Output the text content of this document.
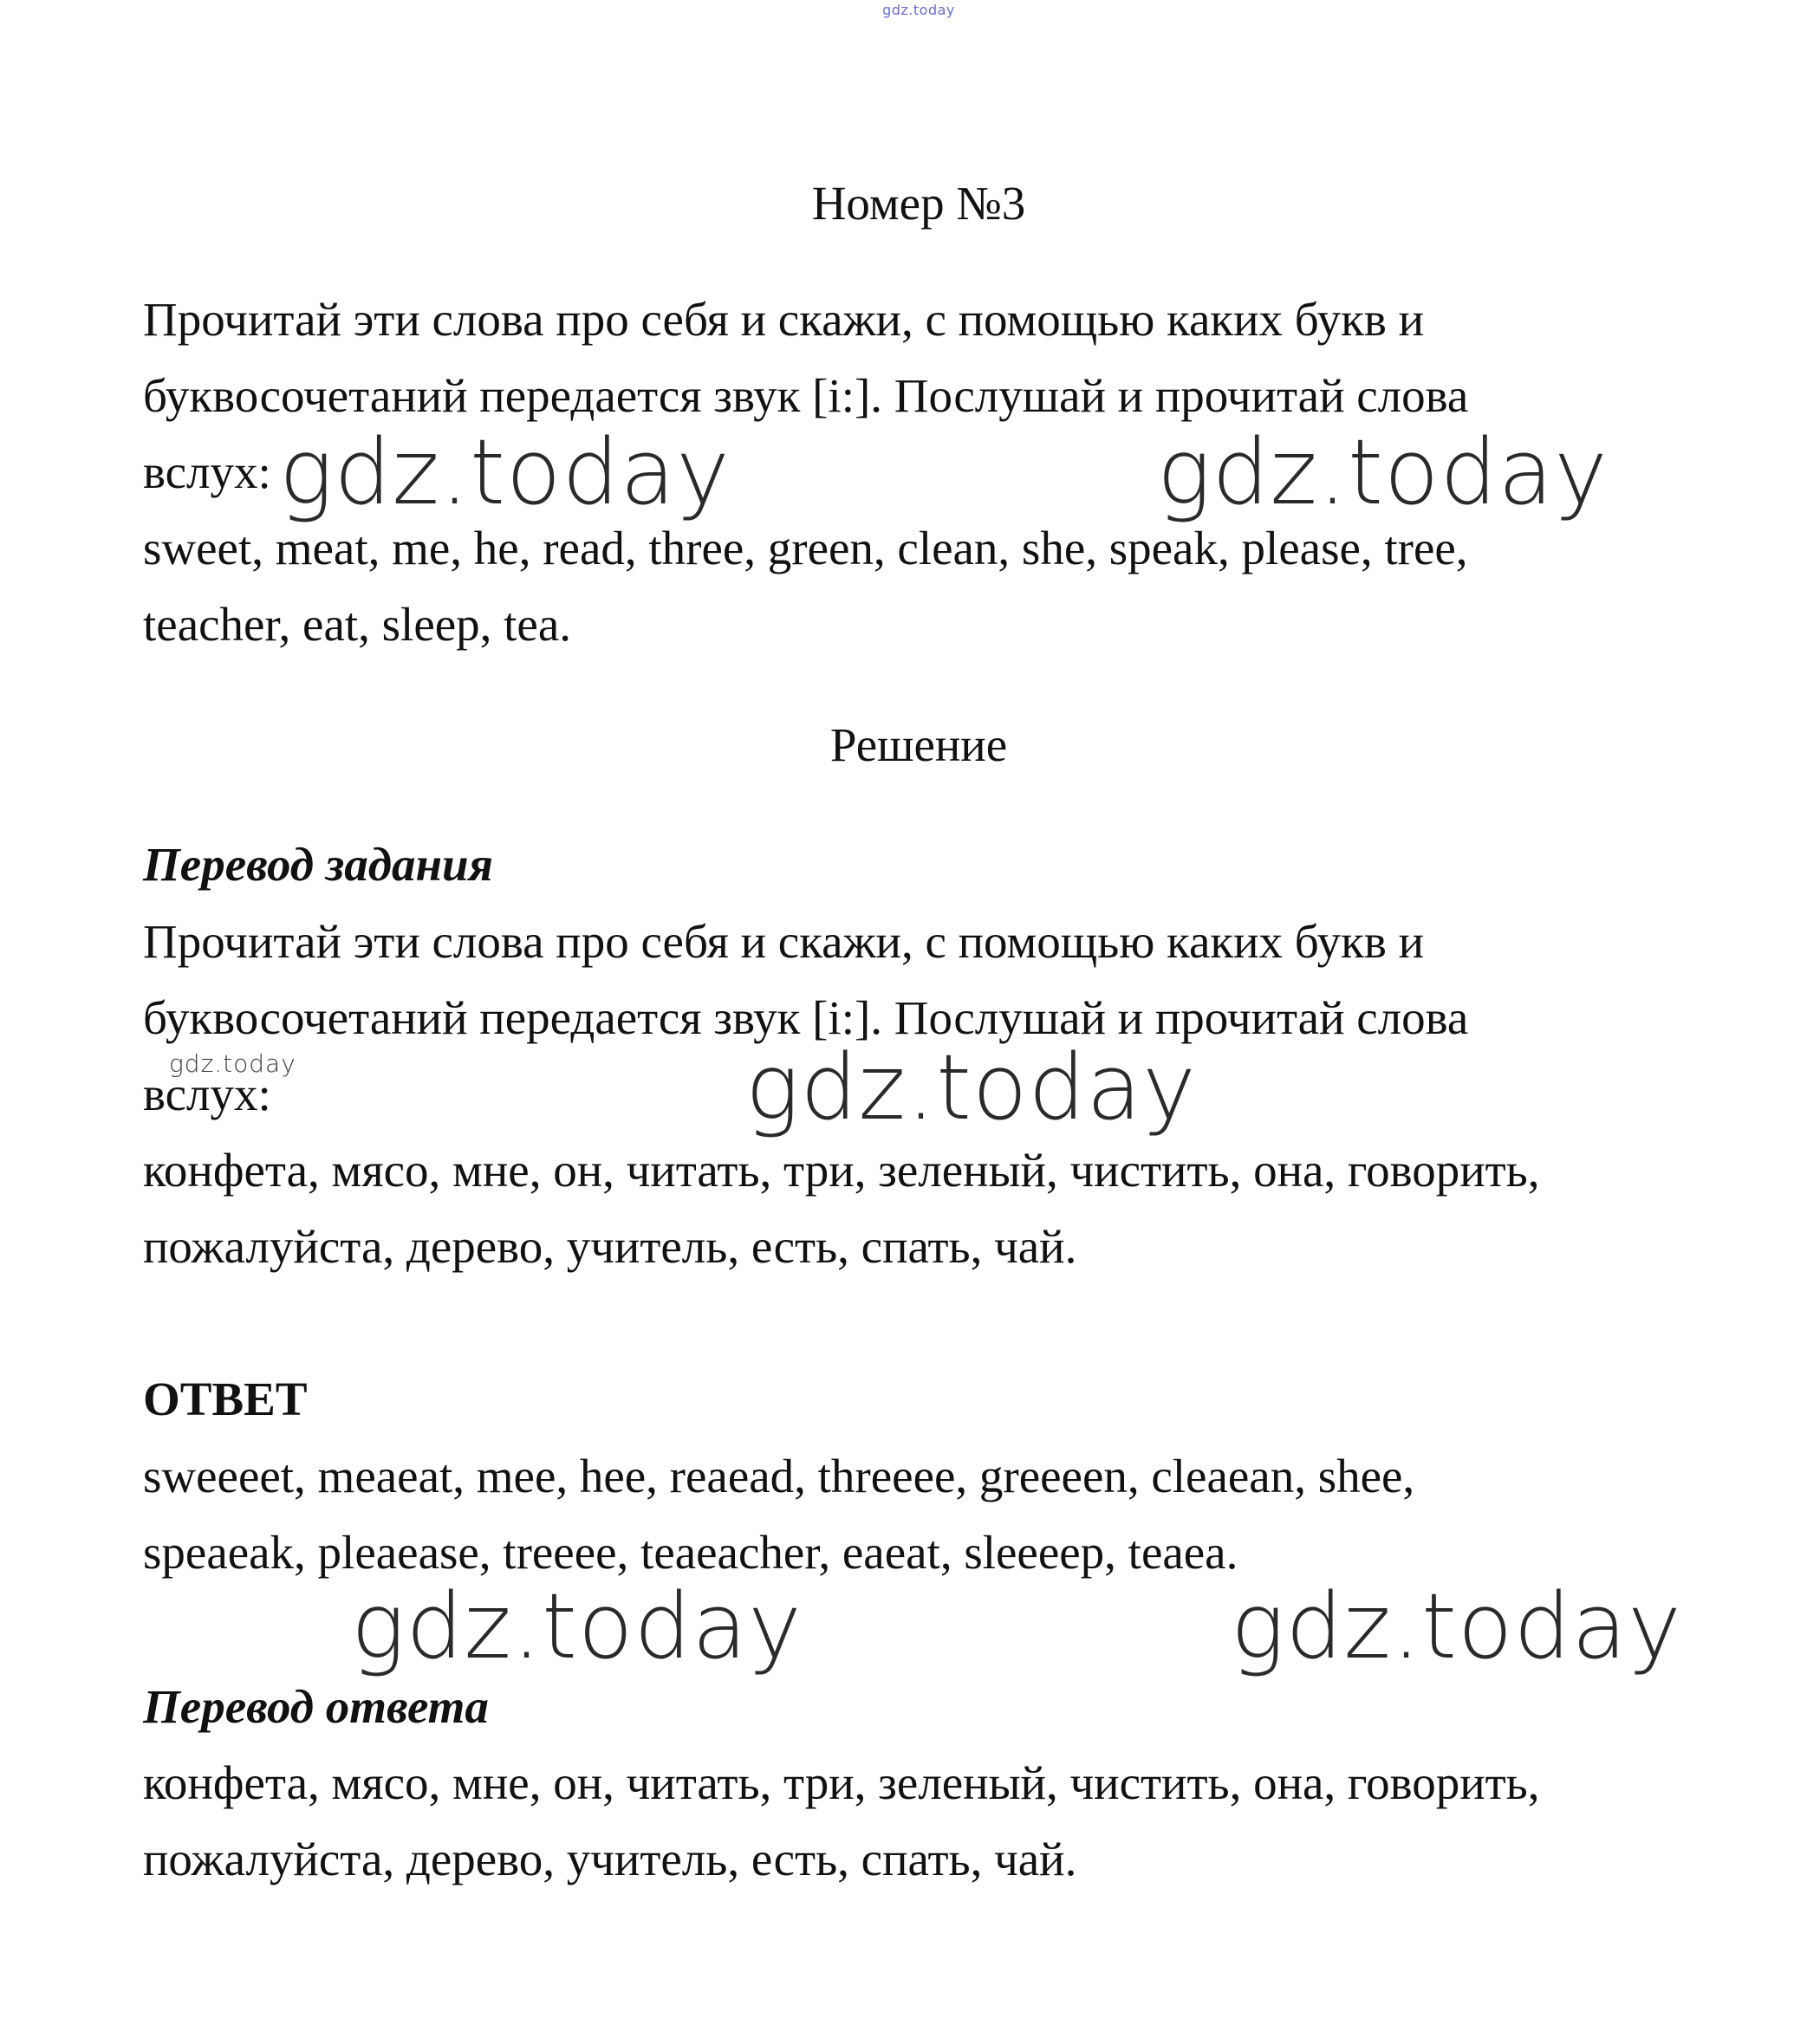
gdz.today
Номер №3
Прочитай эти слова про себя и скажи, с помощью каких букв и
буквосочетаний передается звук [i:]. Послушай и прочитай слова
вслух:
sweet, meat, me, he, read, three, green, clean, she, speak, please, tree,
teacher, eat, sleep, tea.
gdz.today	gdz.today
Решение
Перевод задания
Прочитай эти слова про себя и скажи, с помощью каких букв и
буквосочетаний передается звук [i:]. Послушай и прочитай слова
вслух:
конфета, мясо, мне, он, читать, три, зеленый, чистить, она, говорить,
пожалуйста, дерево, учитель, есть, спать, чай.
gdz.today	gdz.today
ОТВЕТ
sweeeet, meaeat, mee, hee, reaead, threeee, greeeen, cleaean, shee,
speaeak, pleaease, treeee, teaeacher, eaeat, sleeeep, teaea.
gdz.today	gdz.today
Перевод ответа
конфета, мясо, мне, он, читать, три, зеленый, чистить, она, говорить,
пожалуйста, дерево, учитель, есть, спать, чай.
